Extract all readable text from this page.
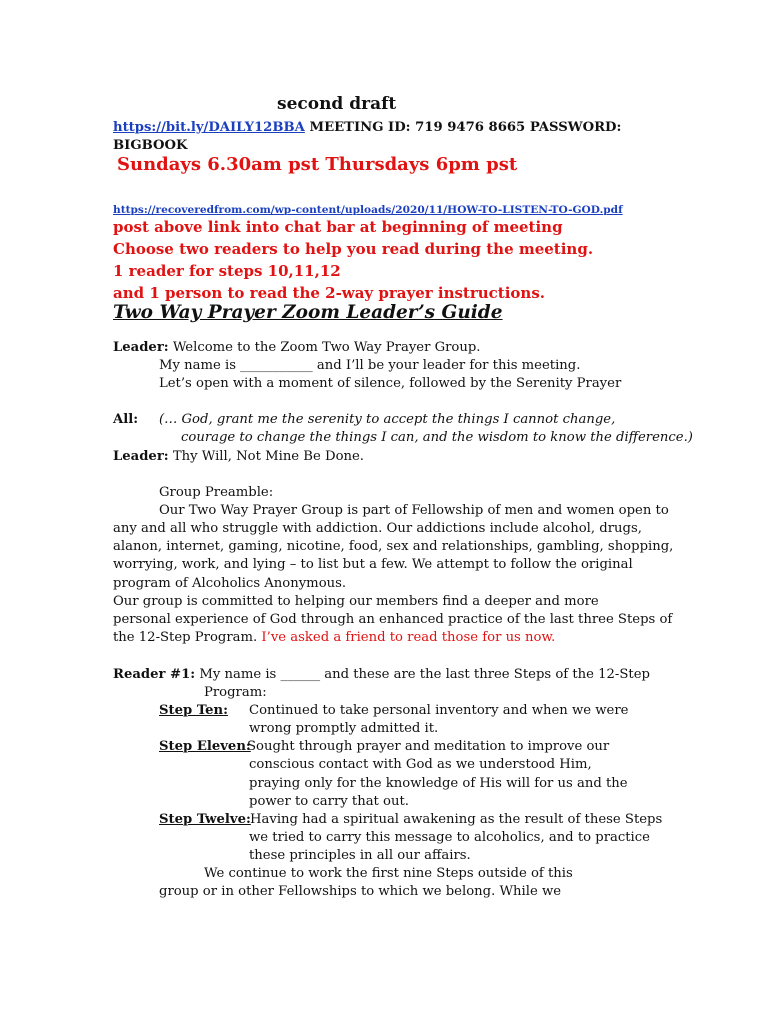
second draft
https://bit.ly/DAILY12BBA MEETING ID: 719 9476 8665 PASSWORD:
BIGBOOK
Sundays 6.30am pst Thursdays 6pm pst
https://recoveredfrom.com/wp-content/uploads/2020/11/HOW-TO-LISTEN-TO-GOD.pdf
post above link into chat bar at beginning of meeting
Choose two readers to help you read during the meeting.
1 reader for steps 10,11,12
and 1 person to read the 2-way prayer instructions.
Two Way Prayer Zoom Leader’s Guide
Leader: Welcome to the Zoom Two Way Prayer Group.
My name is ___________ and I’ll be your leader for this meeting.
Let’s open with a moment of silence, followed by the Serenity Prayer
All: (… God, grant me the serenity to accept the things I cannot change,
courage to change the things I can, and the wisdom to know the difference.)
Leader: Thy Will, Not Mine Be Done.
Group Preamble:
Our Two Way Prayer Group is part of Fellowship of men and women open to
any and all who struggle with addiction. Our addictions include alcohol, drugs,
alanon, internet, gaming, nicotine, food, sex and relationships, gambling, shopping,
worrying, work, and lying – to list but a few. We attempt to follow the original
program of Alcoholics Anonymous.
Our group is committed to helping our members find a deeper and more
personal experience of God through an enhanced practice of the last three Steps of
the 12-Step Program. I’ve asked a friend to read those for us now.
Reader #1: My name is ______ and these are the last three Steps of the 12-Step
Program:
Step Ten: Continued to take personal inventory and when we were
wrong promptly admitted it.
Step Eleven:
Sought through prayer and meditation to improve our
conscious contact with God as we understood Him,
praying only for the knowledge of His will for us and the
power to carry that out.
Step Twelve: Having had a spiritual awakening as the result of these Steps
we tried to carry this message to alcoholics, and to practice
these principles in all our affairs.
We continue to work the first nine Steps outside of this
group or in other Fellowships to which we belong. While we
